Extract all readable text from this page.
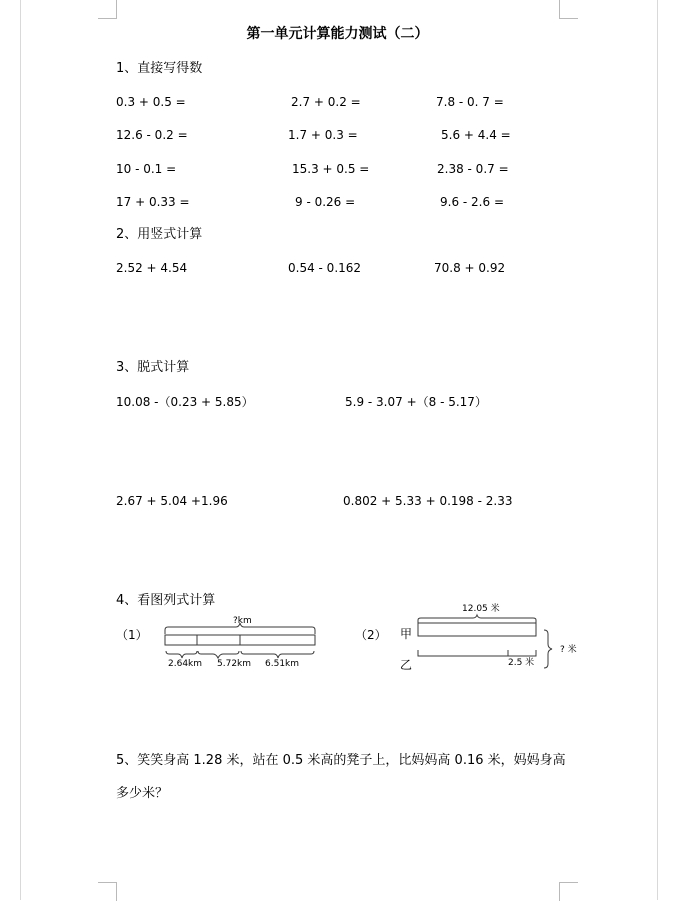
第一单元计算能力测试（二）
1、直接写得数
0.3 + 0.5 =	2.7 + 0.2 =	7.8 - 0. 7 =
12.6 - 0.2 =	1.7 + 0.3 =	5.6 + 4.4 =
10 - 0.1 =	15.3 + 0.5 =	2.38 - 0.7 =
17 + 0.33 =	9 - 0.26 =	9.6 - 2.6 =
2、用竖式计算
2.52 + 4.54	0.54 - 0.162	70.8 + 0.92
3、脱式计算
10.08 -（0.23 + 5.85）	5.9 - 3.07 +（8 - 5.17）
2.67 + 5.04 +1.96	0.802 + 5.33 + 0.198 - 2.33
4、看图列式计算
（1）
?km
2.64km 5.72km 6.51km
（2） 甲
乙
12.05 米
2.5 米
? 米
5、笑笑身高 1.28 米，站在 0.5 米高的凳子上，比妈妈高 0.16 米，妈妈身高多少米？
